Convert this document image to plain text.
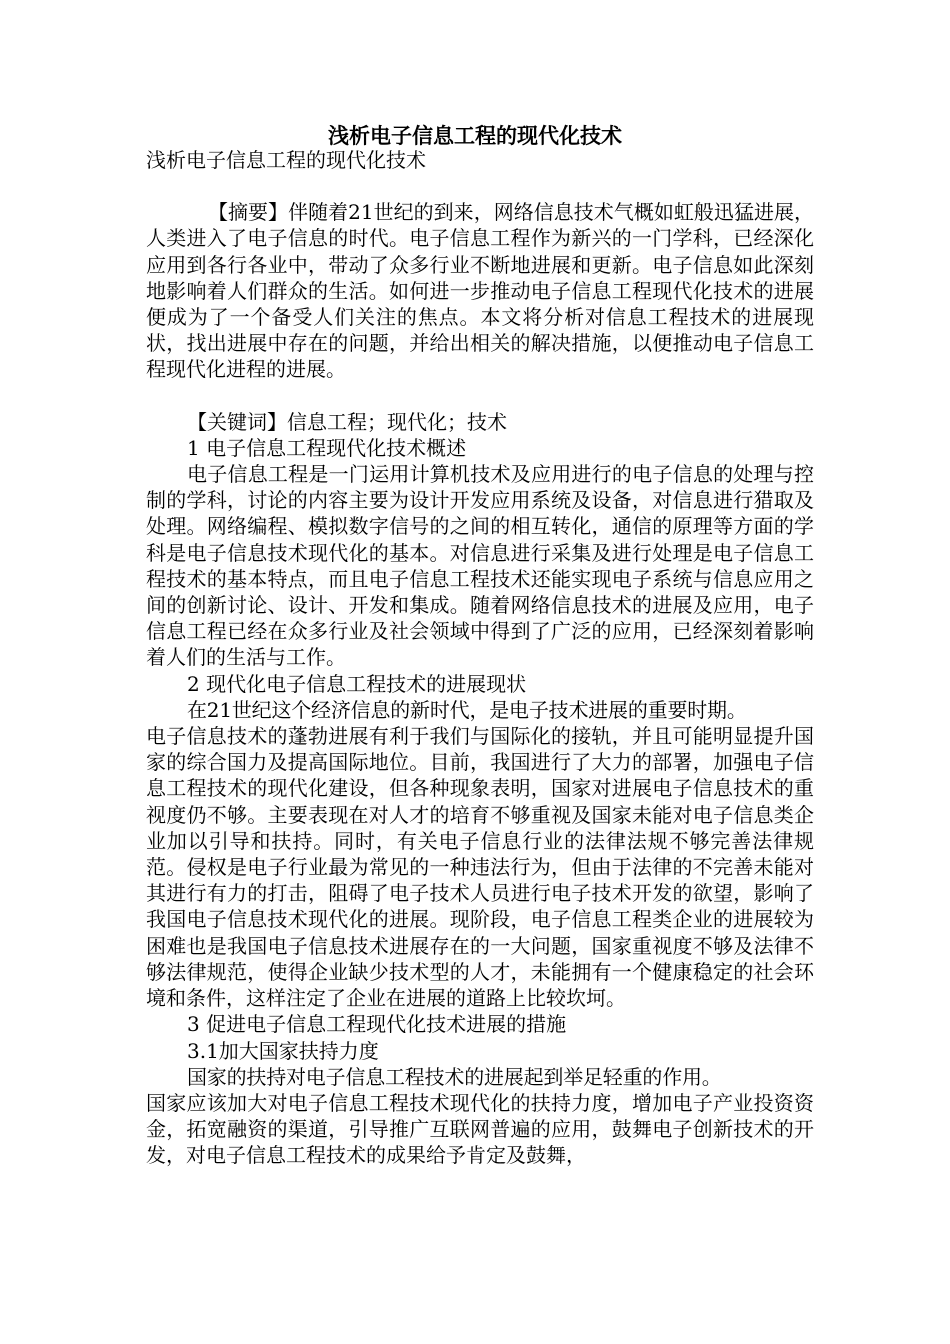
浅析电子信息工程的现代化技术

浅析电子信息工程的现代化技术

【摘要】伴随着21世纪的到来，网络信息技术气概如虹般迅猛进展，人类进入了电子信息的时代。电子信息工程作为新兴的一门学科，已经深化应用到各行各业中，带动了众多行业不断地进展和更新。电子信息如此深刻地影响着人们群众的生活。如何进一步推动电子信息工程现代化技术的进展便成为了一个备受人们关注的焦点。本文将分析对信息工程技术的进展现状，找出进展中存在的问题，并给出相关的解决措施，以便推动电子信息工程现代化进程的进展。

【关键词】信息工程；现代化；技术

1 电子信息工程现代化技术概述

电子信息工程是一门运用计算机技术及应用进行的电子信息的处理与控制的学科，讨论的内容主要为设计开发应用系统及设备，对信息进行猎取及处理。网络编程、模拟数字信号的之间的相互转化，通信的原理等方面的学科是电子信息技术现代化的基本。对信息进行采集及进行处理是电子信息工程技术的基本特点，而且电子信息工程技术还能实现电子系统与信息应用之间的创新讨论、设计、开发和集成。随着网络信息技术的进展及应用，电子信息工程已经在众多行业及社会领域中得到了广泛的应用，已经深刻着影响着人们的生活与工作。

2 现代化电子信息工程技术的进展现状

在21世纪这个经济信息的新时代，是电子技术进展的重要时期。

电子信息技术的蓬勃进展有利于我们与国际化的接轨，并且可能明显提升国家的综合国力及提高国际地位。目前，我国进行了大力的部署，加强电子信息工程技术的现代化建设，但各种现象表明，国家对进展电子信息技术的重视度仍不够。主要表现在对人才的培育不够重视及国家未能对电子信息类企业加以引导和扶持。同时，有关电子信息行业的法律法规不够完善法律规范。侵权是电子行业最为常见的一种违法行为，但由于法律的不完善未能对其进行有力的打击，阻碍了电子技术人员进行电子技术开发的欲望，影响了我国电子信息技术现代化的进展。现阶段，电子信息工程类企业的进展较为困难也是我国电子信息技术进展存在的一大问题，国家重视度不够及法律不够法律规范，使得企业缺少技术型的人才，未能拥有一个健康稳定的社会环境和条件，这样注定了企业在进展的道路上比较坎坷。

3 促进电子信息工程现代化技术进展的措施

3.1加大国家扶持力度

国家的扶持对电子信息工程技术的进展起到举足轻重的作用。

国家应该加大对电子信息工程技术现代化的扶持力度，增加电子产业投资资金，拓宽融资的渠道，引导推广互联网普遍的应用，鼓舞电子创新技术的开发，对电子信息工程技术的成果给予肯定及鼓舞，
